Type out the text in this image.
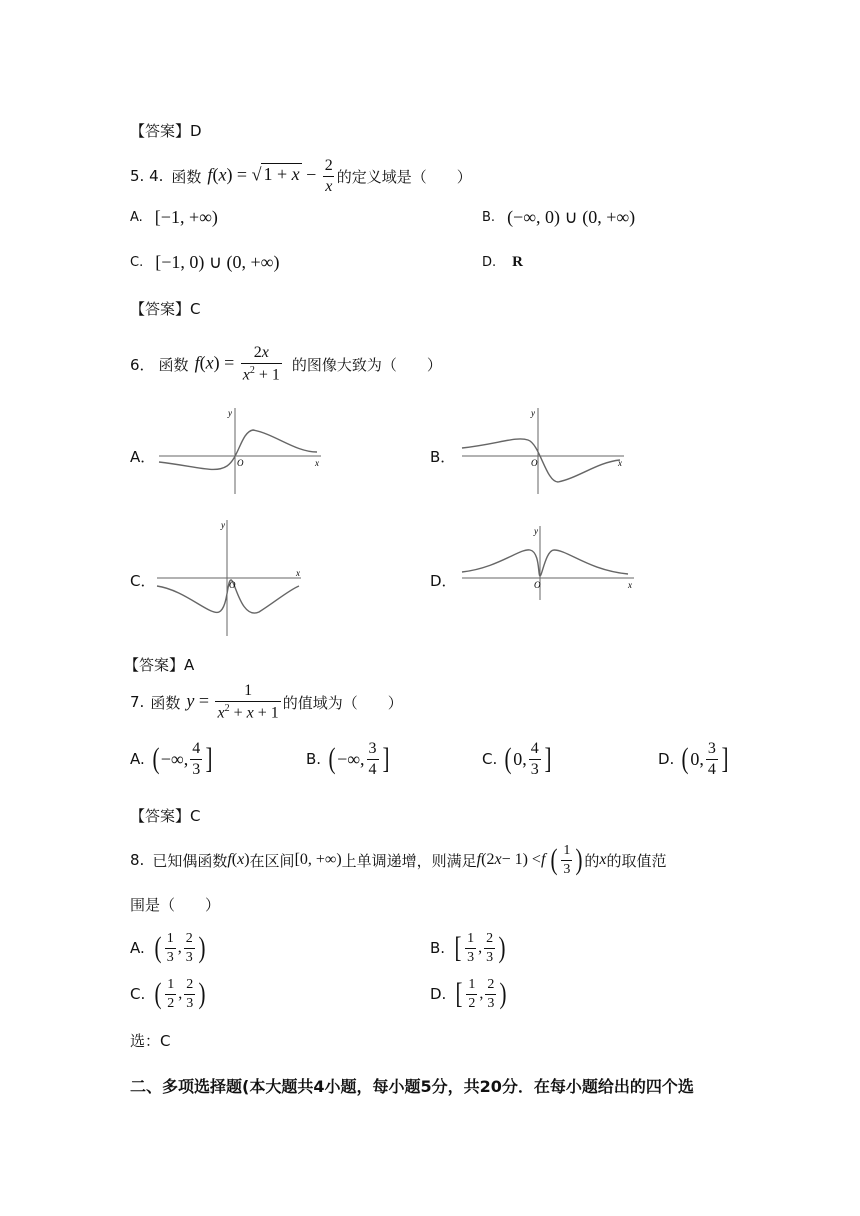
【答案】D
5. 4. 函数 f(x) = √ $1 + x - \frac{2}{x}$ 的定义域是（　　）
A. [−1, +∞)	B. (−∞, 0) ∪ (0, +∞)
C. [−1, 0) ∪ (0, +∞)	D. R
【答案】C
6． 函数 $f(x) = \frac{2x}{x^2 + 1}$ 的图像大致为（　　）
A．	B．
C．	D．
y
O	x
y
O	x
y
O
x
y
O	x
【答案】A
7. 函数 $y = \frac{1}{x^2 + x + 1}$ 的值域为（　　）
A. ( −∞, $\frac{4}{3}$ ]	B. ( −∞, $\frac{3}{4}$ ]	C. ( 0, $\frac{4}{3}$ ]	D. ( 0, $\frac{3}{4}$ ]
【答案】C
8. 已知偶函数 f(x) 在区间 [0, +∞) 上单调递增，则满足 f (2 x − 1) < f
( $\frac{1}{3}$ ) 的 x 的取值范
围是（　　）
A. ( $\frac{1}{3}$ , $\frac{2}{3}$ )	B. [ $\frac{1}{3}$ , $\frac{2}{3}$ )
C. ( $\frac{1}{2}$ , $\frac{2}{3}$ )	D. [ $\frac{1}{2}$ , $\frac{2}{3}$ )
选：C
二、多项选择题(本大题共4小题，每小题5分，共20分．在每小题给出的四个选
